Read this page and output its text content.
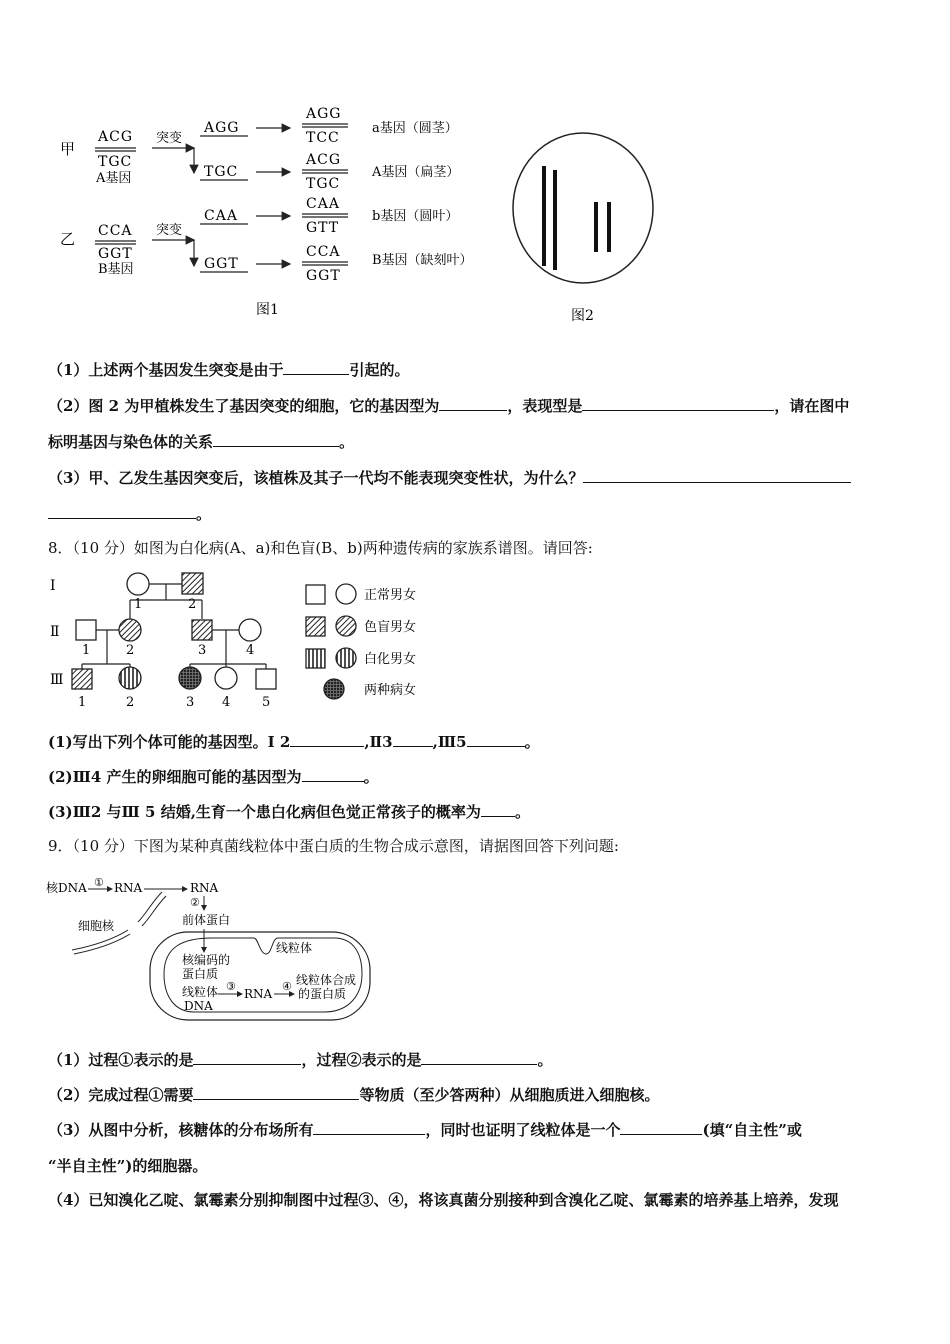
甲
ACG
TGC
A基因
突变
AGG
AGG
TCC
a基因（圆茎）
TGC
ACG
TGC
A基因（扁茎）
乙 CCA
GGT
B基因
突变
CAA
CAA
GTT
b基因（圆叶）
GGT
CCA
GGT
B基因（缺刻叶）
图1	图2
（1）上述两个基因发生突变是由于	引起的。
（2）图 2 为甲植株发生了基因突变的细胞，它的基因型为	，表现型是	，请在图中
标明基因与染色体的关系	。
（3）甲、乙发生基因突变后，该植株及其子一代均不能表现突变性状，为什么？
。
8．（10 分）如图为白化病(A、a)和色盲(B、b)两种遗传病的家族系谱图。请回答:
Ⅰ
Ⅱ
Ⅲ
1	2
1	2	3	4
1	2	3 4 5
正常男女
色盲男女
白化男女
两种病女
(1)写出下列个体可能的基因型。Ⅰ 2	,Ⅱ3	,Ⅲ5	。
(2)Ⅲ4 产生的卵细胞可能的基因型为	。
(3)Ⅲ2 与Ⅲ 5 结婚,生育一个患白化病但色觉正常孩子的概率为 。
9．（10 分）下图为某种真菌线粒体中蛋白质的生物合成示意图，请据图回答下列问题:
核DNA ① RNA	RNA
②
前体蛋白
细胞核
线粒体
核编码的
蛋白质
线粒体
DNA
③
RNA
④ 线粒体合成
的蛋白质
（1）过程①表示的是	，过程②表示的是	。
（2）完成过程①需要	等物质（至少答两种）从细胞质进入细胞核。
（3）从图中分析，核糖体的分布场所有	，同时也证明了线粒体是一个	(填“自主性”或
“半自主性”)的细胞器。
（4）已知溴化乙啶、氯霉素分别抑制图中过程③、④，将该真菌分别接种到含溴化乙啶、氯霉素的培养基上培养，发现
